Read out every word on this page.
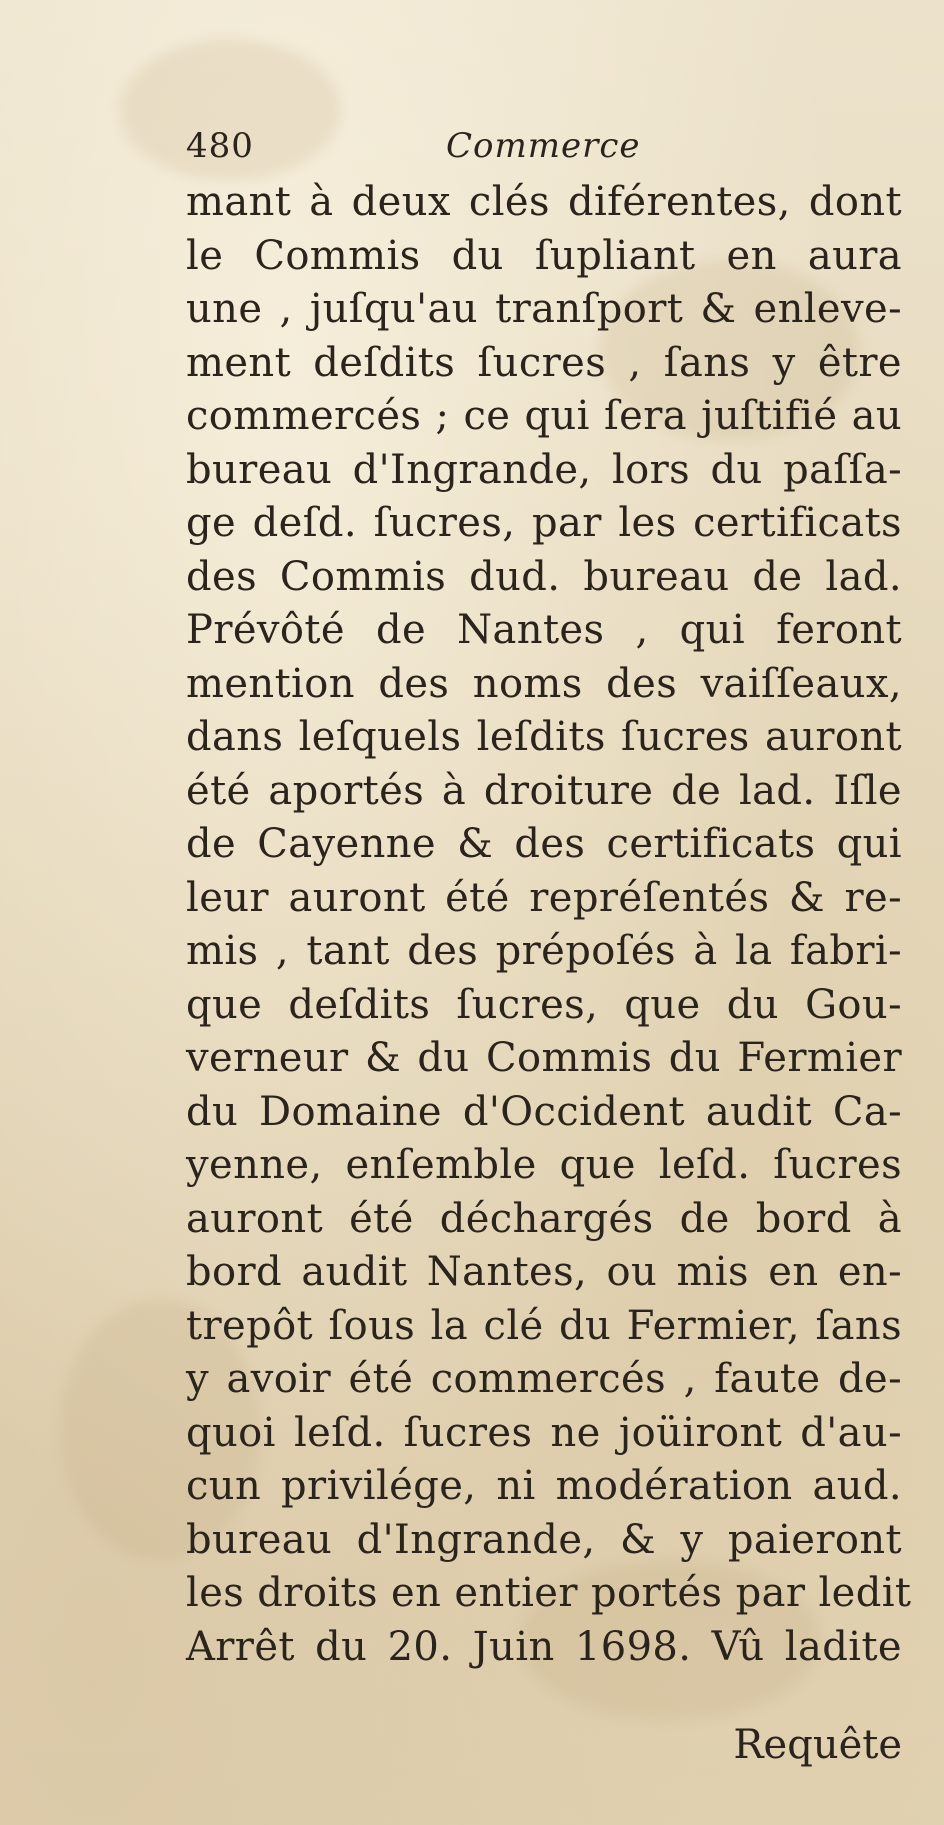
480	Commerce
mant à deux clés diférentes, dont
le Commis du ſupliant en aura
une , juſqu'au tranſport & enleve-
ment deſdits ſucres , ſans y être
commercés ; ce qui ſera juſtifié au
bureau d'Ingrande, lors du paſſa-
ge deſd. ſucres, par les certificats
des Commis dud. bureau de lad.
Prévôté de Nantes , qui feront
mention des noms des vaiſſeaux,
dans leſquels leſdits ſucres auront
été aportés à droiture de lad. Iſle
de Cayenne & des certificats qui
leur auront été repréſentés & re-
mis , tant des prépoſés à la fabri-
que deſdits ſucres, que du Gou-
verneur & du Commis du Fermier
du Domaine d'Occident audit Ca-
yenne, enſemble que leſd. ſucres
auront été déchargés de bord à
bord audit Nantes, ou mis en en-
trepôt ſous la clé du Fermier, ſans
y avoir été commercés , faute de-
quoi leſd. ſucres ne joüiront d'au-
cun privilége, ni modération aud.
bureau d'Ingrande, & y paieront
les droits en entier portés par ledit
Arrêt du 20. Juin 1698. Vû ladite
Requête
